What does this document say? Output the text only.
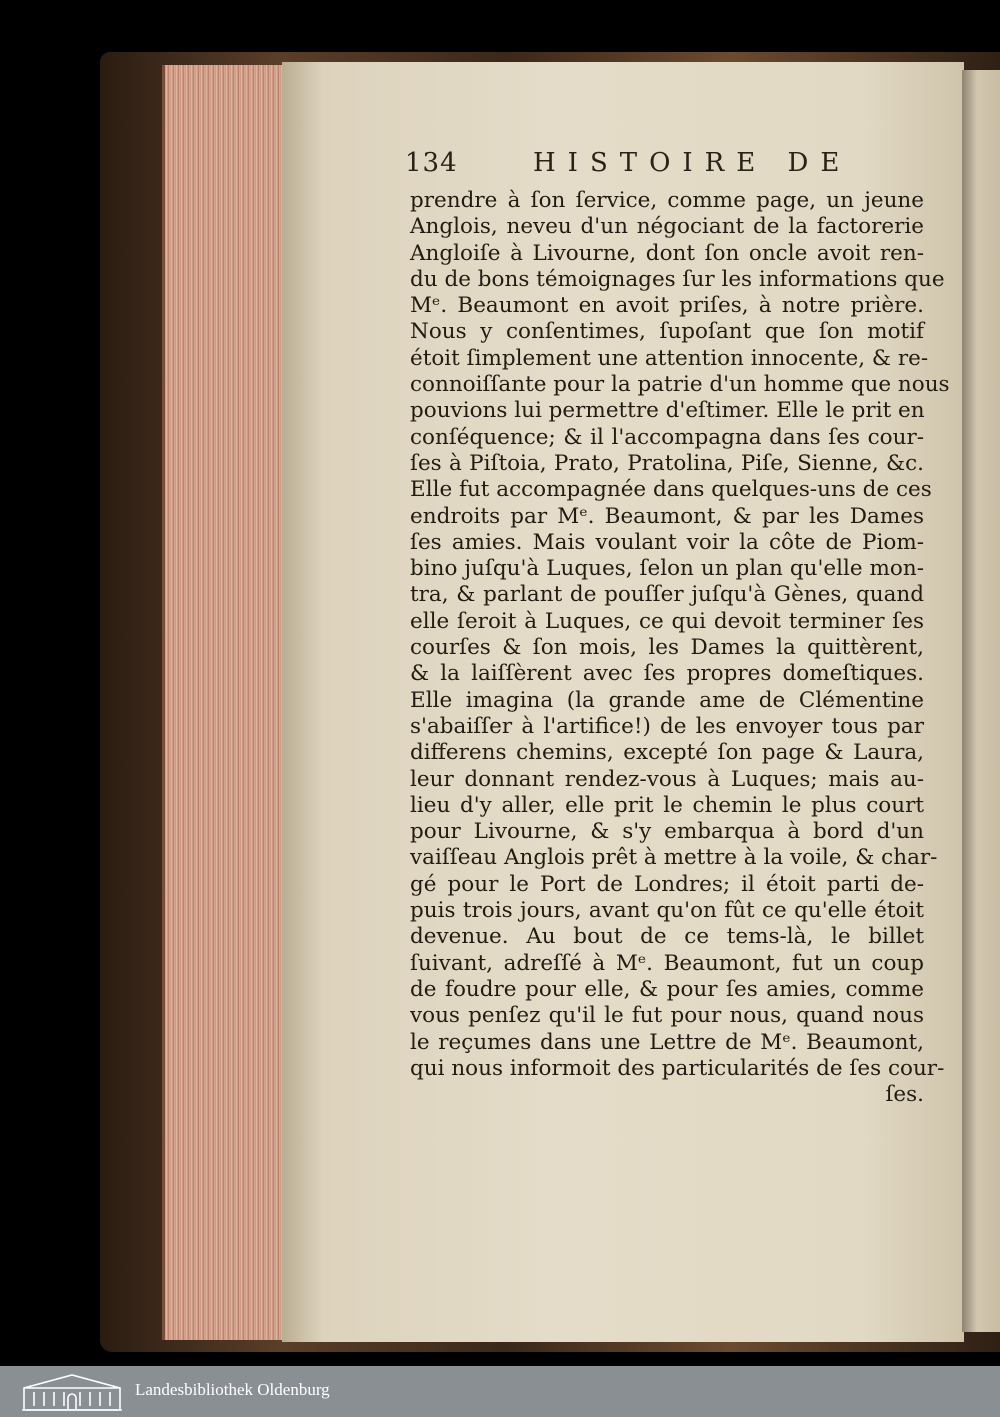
134	HISTOIRE DE
prendre à ſon ſervice, comme page, un jeune
Anglois, neveu d'un négociant de la factorerie
Angloiſe à Livourne, dont ſon oncle avoit ren-
du de bons témoignages ſur les informations que
Mᵉ. Beaumont en avoit priſes, à notre prière.
Nous y conſentimes, ſupoſant que ſon motif
étoit ſimplement une attention innocente, & re-
connoiſſante pour la patrie d'un homme que nous
pouvions lui permettre d'eſtimer. Elle le prit en
conſéquence; & il l'accompagna dans ſes cour-
ſes à Piſtoia, Prato, Pratolina, Piſe, Sienne, &c.
Elle fut accompagnée dans quelques-uns de ces
endroits par Mᵉ. Beaumont, & par les Dames
ſes amies. Mais voulant voir la côte de Piom-
bino juſqu'à Luques, ſelon un plan qu'elle mon-
tra, & parlant de pouſſer juſqu'à Gènes, quand
elle ſeroit à Luques, ce qui devoit terminer ſes
courſes & ſon mois, les Dames la quittèrent,
& la laiſſèrent avec ſes propres domeſtiques.
Elle imagina (la grande ame de Clémentine
s'abaiſſer à l'artifice!) de les envoyer tous par
differens chemins, excepté ſon page & Laura,
leur donnant rendez-vous à Luques; mais au-
lieu d'y aller, elle prit le chemin le plus court
pour Livourne, & s'y embarqua à bord d'un
vaiſſeau Anglois prêt à mettre à la voile, & char-
gé pour le Port de Londres; il étoit parti de-
puis trois jours, avant qu'on fût ce qu'elle étoit
devenue. Au bout de ce tems-là, le billet
ſuivant, adreſſé à Mᵉ. Beaumont, fut un coup
de foudre pour elle, & pour ſes amies, comme
vous penſez qu'il le fut pour nous, quand nous
le reçumes dans une Lettre de Mᵉ. Beaumont,
qui nous informoit des particularités de ſes cour-
ſes.
Landesbibliothek Oldenburg
